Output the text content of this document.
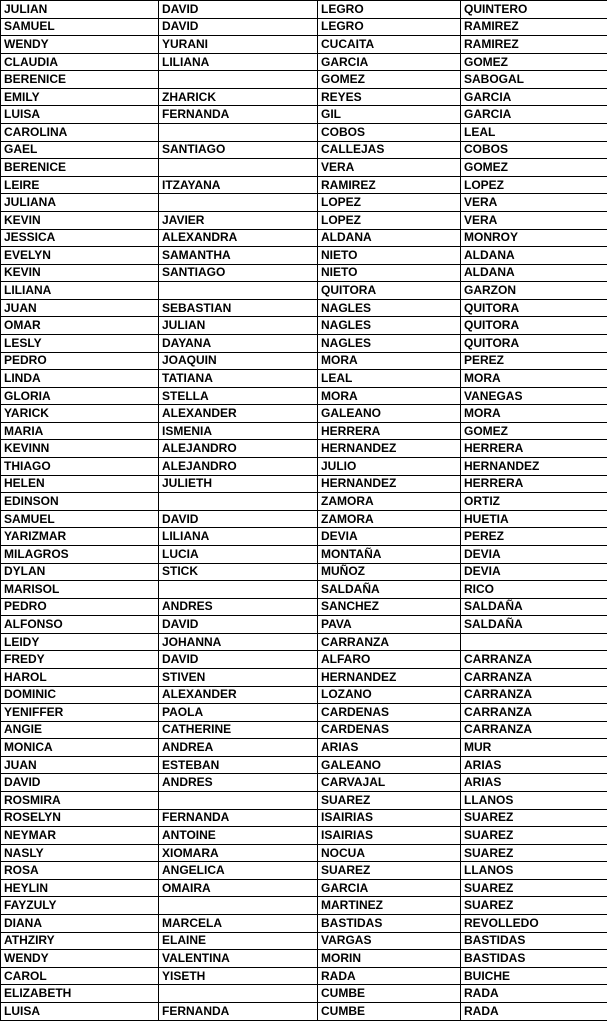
JULIAN	DAVID	LEGRO	QUINTERO
SAMUEL	DAVID	LEGRO	RAMIREZ
WENDY	YURANI	CUCAITA	RAMIREZ
CLAUDIA	LILIANA	GARCIA	GOMEZ
BERENICE		GOMEZ	SABOGAL
EMILY	ZHARICK	REYES	GARCIA
LUISA	FERNANDA	GIL	GARCIA
CAROLINA		COBOS	LEAL
GAEL	SANTIAGO	CALLEJAS	COBOS
BERENICE		VERA	GOMEZ
LEIRE	ITZAYANA	RAMIREZ	LOPEZ
JULIANA		LOPEZ	VERA
KEVIN	JAVIER	LOPEZ	VERA
JESSICA	ALEXANDRA	ALDANA	MONROY
EVELYN	SAMANTHA	NIETO	ALDANA
KEVIN	SANTIAGO	NIETO	ALDANA
LILIANA		QUITORA	GARZON
JUAN	SEBASTIAN	NAGLES	QUITORA
OMAR	JULIAN	NAGLES	QUITORA
LESLY	DAYANA	NAGLES	QUITORA
PEDRO	JOAQUIN	MORA	PEREZ
LINDA	TATIANA	LEAL	MORA
GLORIA	STELLA	MORA	VANEGAS
YARICK	ALEXANDER	GALEANO	MORA
MARIA	ISMENIA	HERRERA	GOMEZ
KEVINN	ALEJANDRO	HERNANDEZ	HERRERA
THIAGO	ALEJANDRO	JULIO	HERNANDEZ
HELEN	JULIETH	HERNANDEZ	HERRERA
EDINSON		ZAMORA	ORTIZ
SAMUEL	DAVID	ZAMORA	HUETIA
YARIZMAR	LILIANA	DEVIA	PEREZ
MILAGROS	LUCIA	MONTAÑA	DEVIA
DYLAN	STICK	MUÑOZ	DEVIA
MARISOL		SALDAÑA	RICO
PEDRO	ANDRES	SANCHEZ	SALDAÑA
ALFONSO	DAVID	PAVA	SALDAÑA
LEIDY	JOHANNA	CARRANZA	
FREDY	DAVID	ALFARO	CARRANZA
HAROL	STIVEN	HERNANDEZ	CARRANZA
DOMINIC	ALEXANDER	LOZANO	CARRANZA
YENIFFER	PAOLA	CARDENAS	CARRANZA
ANGIE	CATHERINE	CARDENAS	CARRANZA
MONICA	ANDREA	ARIAS	MUR
JUAN	ESTEBAN	GALEANO	ARIAS
DAVID	ANDRES	CARVAJAL	ARIAS
ROSMIRA		SUAREZ	LLANOS
ROSELYN	FERNANDA	ISAIRIAS	SUAREZ
NEYMAR	ANTOINE	ISAIRIAS	SUAREZ
NASLY	XIOMARA	NOCUA	SUAREZ
ROSA	ANGELICA	SUAREZ	LLANOS
HEYLIN	OMAIRA	GARCIA	SUAREZ
FAYZULY		MARTINEZ	SUAREZ
DIANA	MARCELA	BASTIDAS	REVOLLEDO
ATHZIRY	ELAINE	VARGAS	BASTIDAS
WENDY	VALENTINA	MORIN	BASTIDAS
CAROL	YISETH	RADA	BUICHE
ELIZABETH		CUMBE	RADA
LUISA	FERNANDA	CUMBE	RADA
